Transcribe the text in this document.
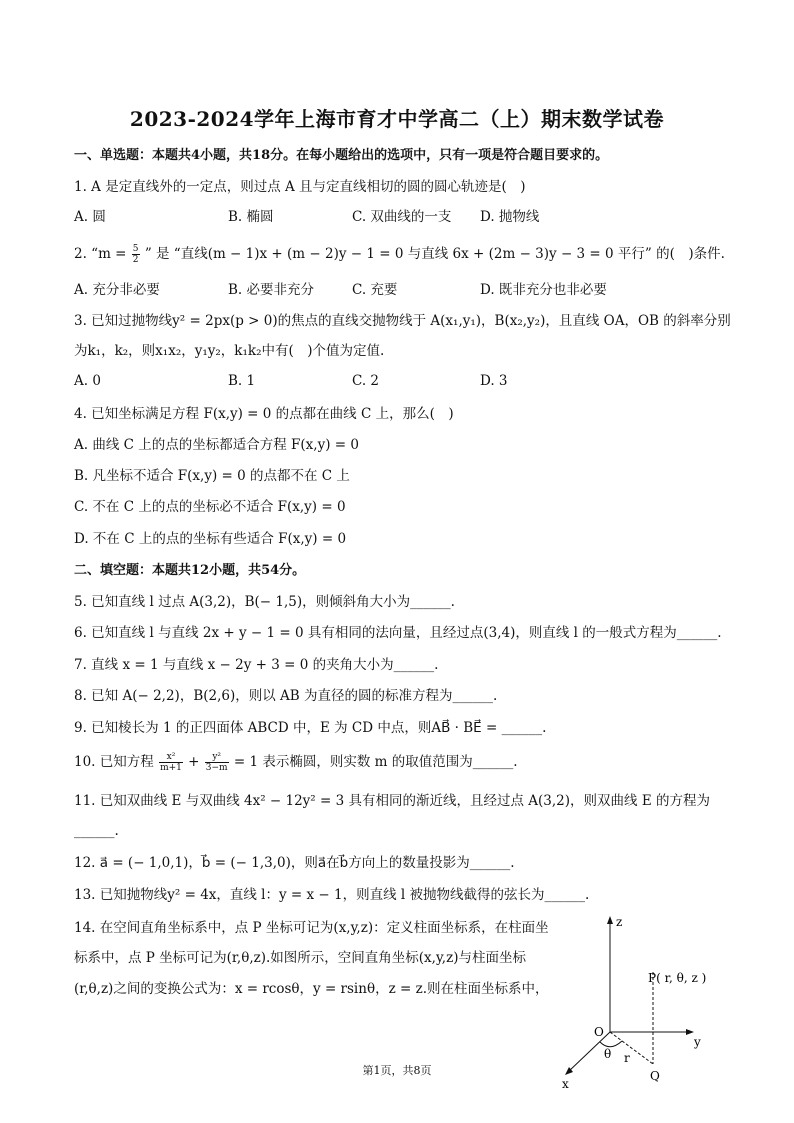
2023-2024学年上海市育才中学高二（上）期末数学试卷
一、单选题：本题共4小题，共18分。在每小题给出的选项中，只有一项是符合题目要求的。
1. A 是定直线外的一定点，则过点 A 且与定直线相切的圆的圆心轨迹是(　)
A. 圆	B. 椭圆	C. 双曲线的一支 D. 抛物线
2. “$m = \frac{5}{2}$ ” 是 “直线(m − 1)x + (m − 2)y − 1 = 0 与直线 6x + (2m − 3)y − 3 = 0 平行” 的(　)条件.
A. 充分非必要	B. 必要非充分	C. 充要	D. 既非充分也非必要
3. 已知过抛物线y² = 2px(p > 0)的焦点的直线交抛物线于 A(x₁,y₁)，B(x₂,y₂)，且直线 OA，OB 的斜率分别
为k₁，k₂，则x₁x₂，y₁y₂，k₁k₂中有(　)个值为定值.
A. 0	B. 1	C. 2	D. 3
4. 已知坐标满足方程 F(x,y) = 0 的点都在曲线 C 上，那么(　)
A. 曲线 C 上的点的坐标都适合方程 F(x,y) = 0
B. 凡坐标不适合 F(x,y) = 0 的点都不在 C 上
C. 不在 C 上的点的坐标必不适合 F(x,y) = 0
D. 不在 C 上的点的坐标有些适合 F(x,y) = 0
二、填空题：本题共12小题，共54分。
5. 已知直线 l 过点 A(3,2)，B(− 1,5)，则倾斜角大小为______.
6. 已知直线 l 与直线 2x + y − 1 = 0 具有相同的法向量，且经过点(3,4)，则直线 l 的一般式方程为______.
7. 直线 x = 1 与直线 x − 2y + 3 = 0 的夹角大小为______.
8. 已知 A(− 2,2)，B(2,6)，则以 AB 为直径的圆的标准方程为______.
9. 已知棱长为 1 的正四面体 ABCD 中，E 为 CD 中点，则AB⃗ · BE⃗ = ______.
10. 已知方程 $\frac{\text{x²}}{m+1} + \frac{\text{y²}}{3-m} = 1$ 表示椭圆，则实数 m 的取值范围为______.
11. 已知双曲线 E 与双曲线 4x² − 12y² = 3 具有相同的渐近线，且经过点 A(3,2)，则双曲线 E 的方程为
______.
12. a⃗ = (− 1,0,1)，b⃗ = (− 1,3,0)，则a⃗在b⃗方向上的数量投影为______.
13. 已知抛物线y² = 4x，直线 l：y = x − 1，则直线 l 被抛物线截得的弦长为______.
14. 在空间直角坐标系中，点 P 坐标可记为(x,y,z)：定义柱面坐标系，在柱面坐
标系中，点 P 坐标可记为(r,θ,z).如图所示，空间直角坐标(x,y,z)与柱面坐标
(r,θ,z)之间的变换公式为：x = rcosθ，y = rsinθ，z = z.则在柱面坐标系中，
z
y
x
O
P( r, θ, z )
θ r
Q
第1页，共8页
